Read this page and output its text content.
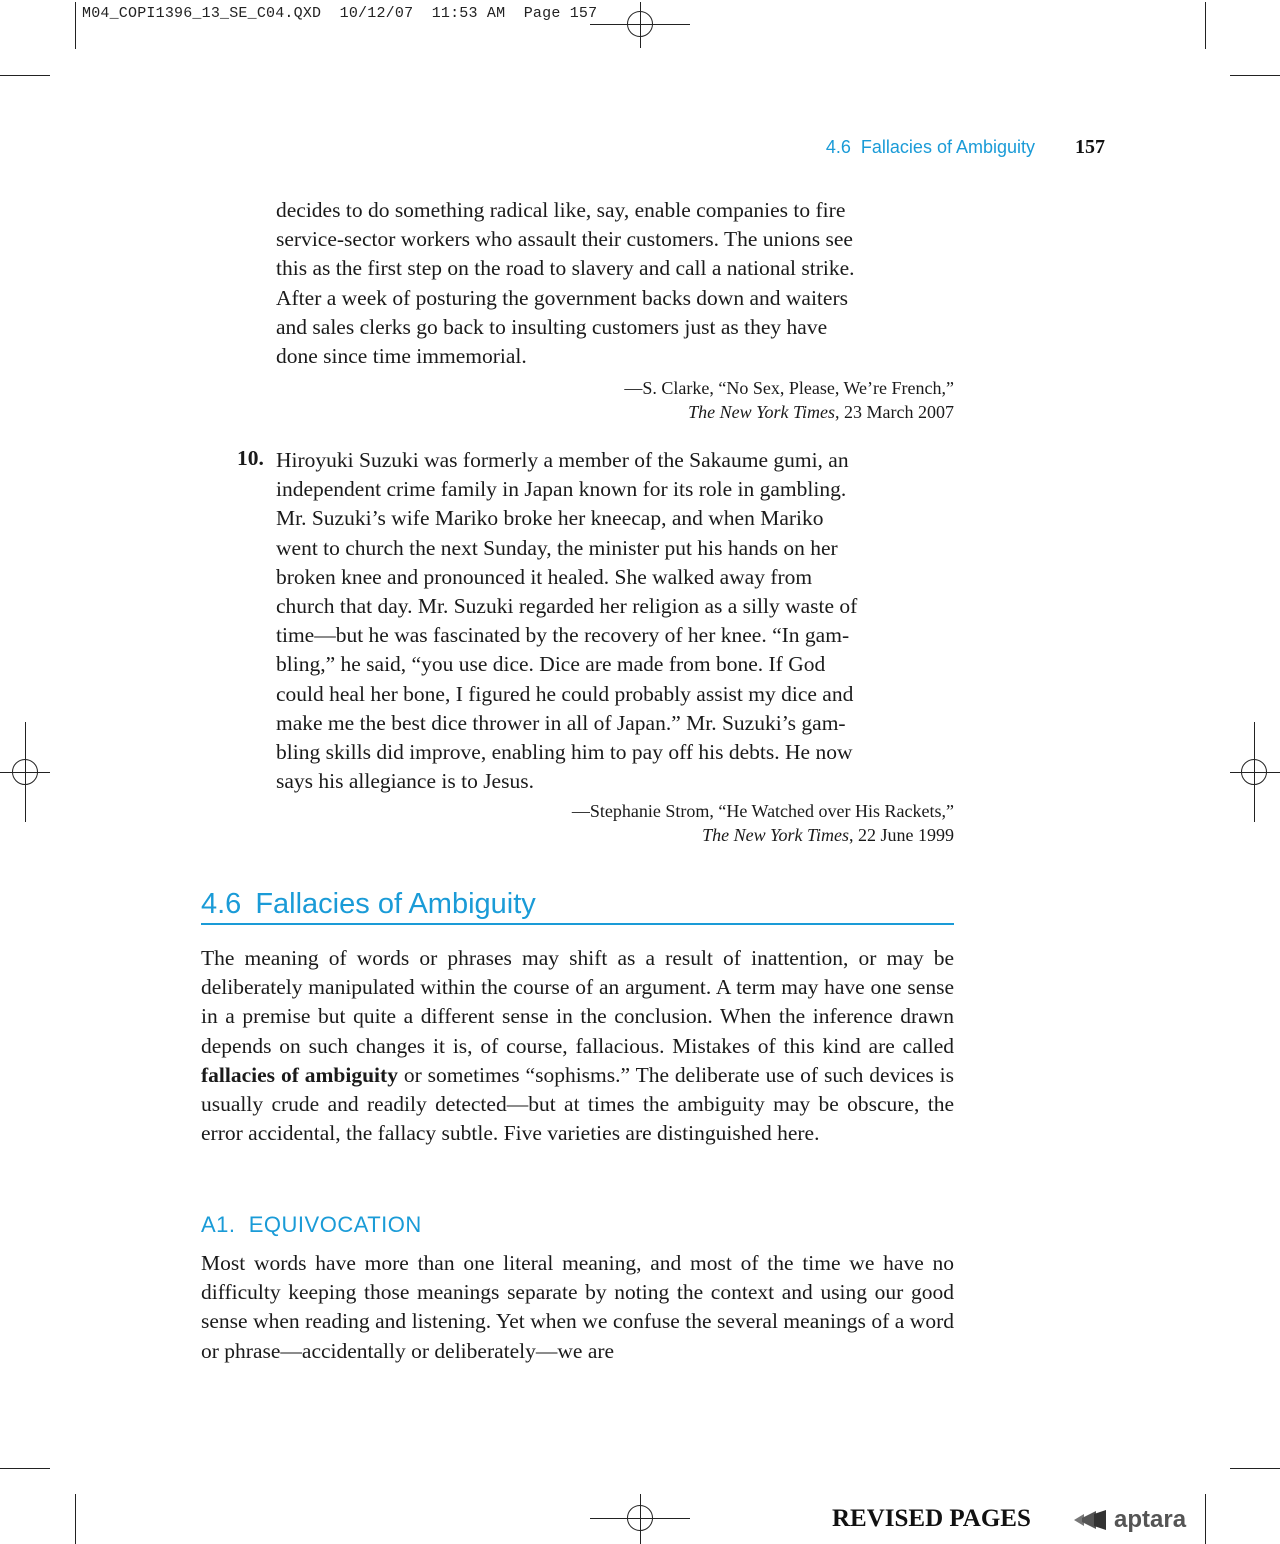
M04_COPI1396_13_SE_C04.QXD 10/12/07 11:53 AM Page 157
4.6  Fallacies of Ambiguity 157
decides to do something radical like, say, enable companies to fire
service-sector workers who assault their customers. The unions see
this as the first step on the road to slavery and call a national strike.
After a week of posturing the government backs down and waiters
and sales clerks go back to insulting customers just as they have
done since time immemorial.
—S. Clarke, “No Sex, Please, We’re French,”
The New York Times, 23 March 2007
10. Hiroyuki Suzuki was formerly a member of the Sakaume gumi, an
independent crime family in Japan known for its role in gambling.
Mr. Suzuki’s wife Mariko broke her kneecap, and when Mariko
went to church the next Sunday, the minister put his hands on her
broken knee and pronounced it healed. She walked away from
church that day. Mr. Suzuki regarded her religion as a silly waste of
time—but he was fascinated by the recovery of her knee. “In gam-
bling,” he said, “you use dice. Dice are made from bone. If God
could heal her bone, I figured he could probably assist my dice and
make me the best dice thrower in all of Japan.” Mr. Suzuki’s gam-
bling skills did improve, enabling him to pay off his debts. He now
says his allegiance is to Jesus.
—Stephanie Strom, “He Watched over His Rackets,”
The New York Times, 22 June 1999
4.6 Fallacies of Ambiguity

The meaning of words or phrases may shift as a result of inattention, or may be deliberately manipulated within the course of an argument. A term may have one sense in a premise but quite a different sense in the conclusion. When the inference drawn depends on such changes it is, of course, fallacious. Mistakes of this kind are called fallacies of ambiguity or sometimes “sophisms.” The deliberate use of such devices is usually crude and readily detected—but at times the ambiguity may be obscure, the error accidental, the fallacy subtle. Five varieties are distinguished here.

A1.  EQUIVOCATION

Most words have more than one literal meaning, and most of the time we have no difficulty keeping those meanings separate by noting the context and using our good sense when reading and listening. Yet when we confuse the several meanings of a word or phrase—accidentally or deliberately—we are

REVISED PAGES	aptara
